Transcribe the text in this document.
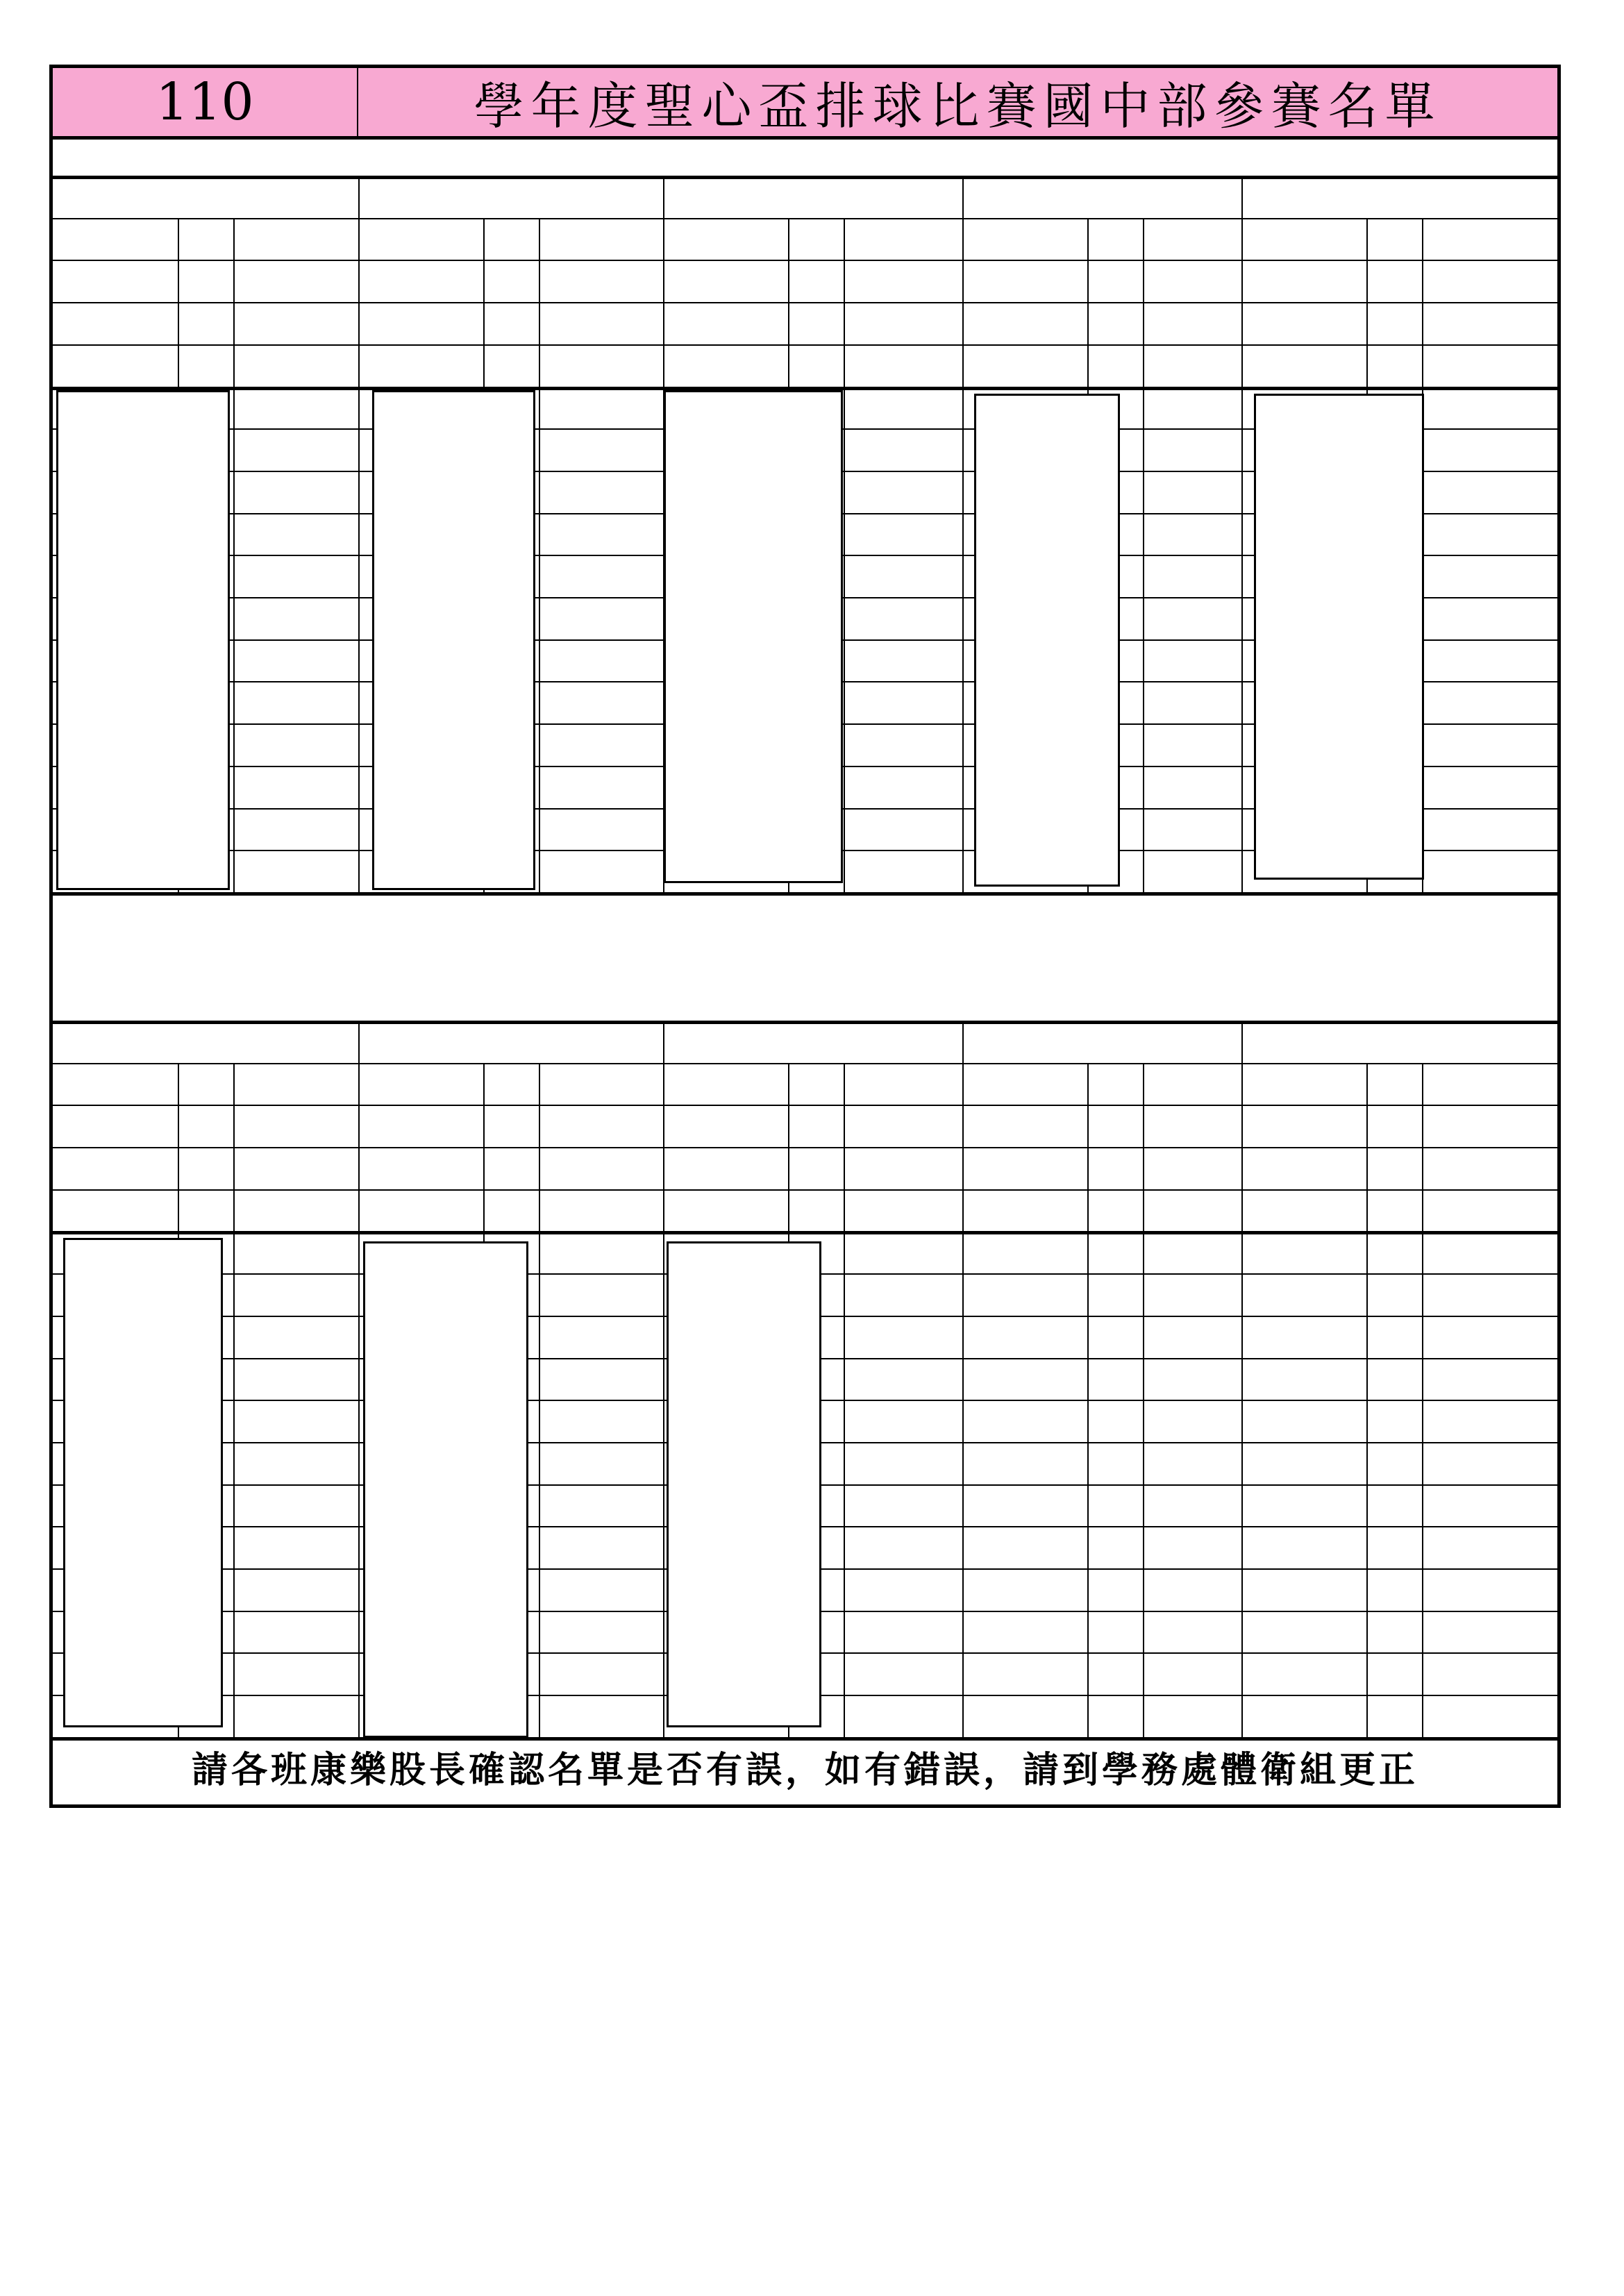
110	學年度聖心盃排球比賽國中部參賽名單
請各班康樂股長確認名單是否有誤，如有錯誤，請到學務處體衛組更正
